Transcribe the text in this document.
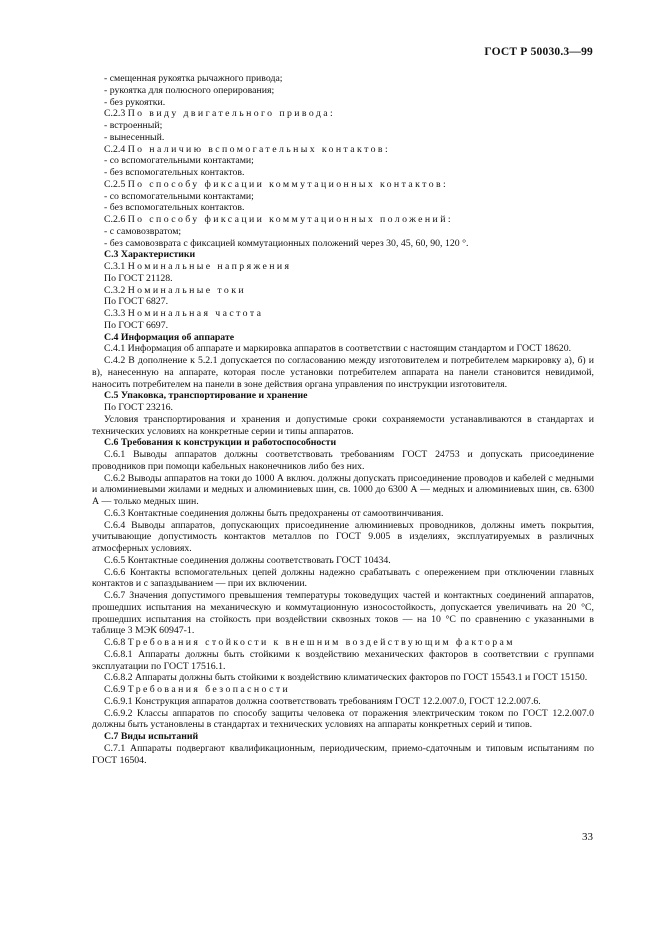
ГОСТ Р 50030.3—99

- смещенная рукоятка рычажного привода;

- рукоятка для полюсного оперирования;

- без рукоятки.

С.2.3 По виду двигательного привода:

- встроенный;

- вынесенный.

С.2.4 По наличию вспомогательных контактов:

- со вспомогательными контактами;

- без вспомогательных контактов.

С.2.5 По способу фиксации коммутационных контактов:

- со вспомогательными контактами;

- без вспомогательных контактов.

С.2.6 По способу фиксации коммутационных положений:

- с самовозвратом;

- без самовозврата с фиксацией коммутационных положений через 30, 45, 60, 90, 120 °.

С.3 Характеристики

С.3.1 Номинальные напряжения

По ГОСТ 21128.

С.3.2 Номинальные токи

По ГОСТ 6827.

С.3.3 Номинальная частота

По ГОСТ 6697.

С.4 Информация об аппарате

С.4.1 Информация об аппарате и маркировка аппаратов в соответствии с настоящим стандартом и ГОСТ 18620.

С.4.2 В дополнение к 5.2.1 допускается по согласованию между изготовителем и потребителем маркировку а), б) и в), нанесенную на аппарате, которая после установки потребителем аппарата на панели становится невидимой, наносить потребителем на панели в зоне действия органа управления по инструкции изготовителя.

С.5 Упаковка, транспортирование и хранение

По ГОСТ 23216.

Условия транспортирования и хранения и допустимые сроки сохраняемости устанавливаются в стандартах и технических условиях на конкретные серии и типы аппаратов.

С.6 Требования к конструкции и работоспособности

С.6.1 Выводы аппаратов должны соответствовать требованиям ГОСТ 24753 и допускать присоединение проводников при помощи кабельных наконечников либо без них.

С.6.2 Выводы аппаратов на токи до 1000 А включ. должны допускать присоединение проводов и кабелей с медными и алюминиевыми жилами и медных и алюминиевых шин, св. 1000 до 6300 А — медных и алюминиевых шин, св. 6300 А — только медных шин.

С.6.3 Контактные соединения должны быть предохранены от самоотвинчивания.

С.6.4 Выводы аппаратов, допускающих присоединение алюминиевых проводников, должны иметь покрытия, учитывающие допустимость контактов металлов по ГОСТ 9.005 в изделиях, эксплуатируемых в различных атмосферных условиях.

С.6.5 Контактные соединения должны соответствовать ГОСТ 10434.

С.6.6 Контакты вспомогательных цепей должны надежно срабатывать с опережением при отключении главных контактов и с запаздыванием — при их включении.

С.6.7 Значения допустимого превышения температуры токоведущих частей и контактных соединений аппаратов, прошедших испытания на механическую и коммутационную износостойкость, допускается увеличивать на 20 °С, прошедших испытания на стойкость при воздействии сквозных токов — на 10 °С по сравнению с указанными в таблице 3 МЭК 60947-1.

С.6.8 Требования стойкости к внешним воздействующим факторам

С.6.8.1 Аппараты должны быть стойкими к воздействию механических факторов в соответствии с группами эксплуатации по ГОСТ 17516.1.

С.6.8.2 Аппараты должны быть стойкими к воздействию климатических факторов по ГОСТ 15543.1 и ГОСТ 15150.

С.6.9 Требования безопасности

С.6.9.1 Конструкция аппаратов должна соответствовать требованиям ГОСТ 12.2.007.0, ГОСТ 12.2.007.6.

С.6.9.2 Классы аппаратов по способу защиты человека от поражения электрическим током по ГОСТ 12.2.007.0 должны быть установлены в стандартах и технических условиях на аппараты конкретных серий и типов.

С.7 Виды испытаний

С.7.1 Аппараты подвергают квалификационным, периодическим, приемо-сдаточным и типовым испытаниям по ГОСТ 16504.

33
